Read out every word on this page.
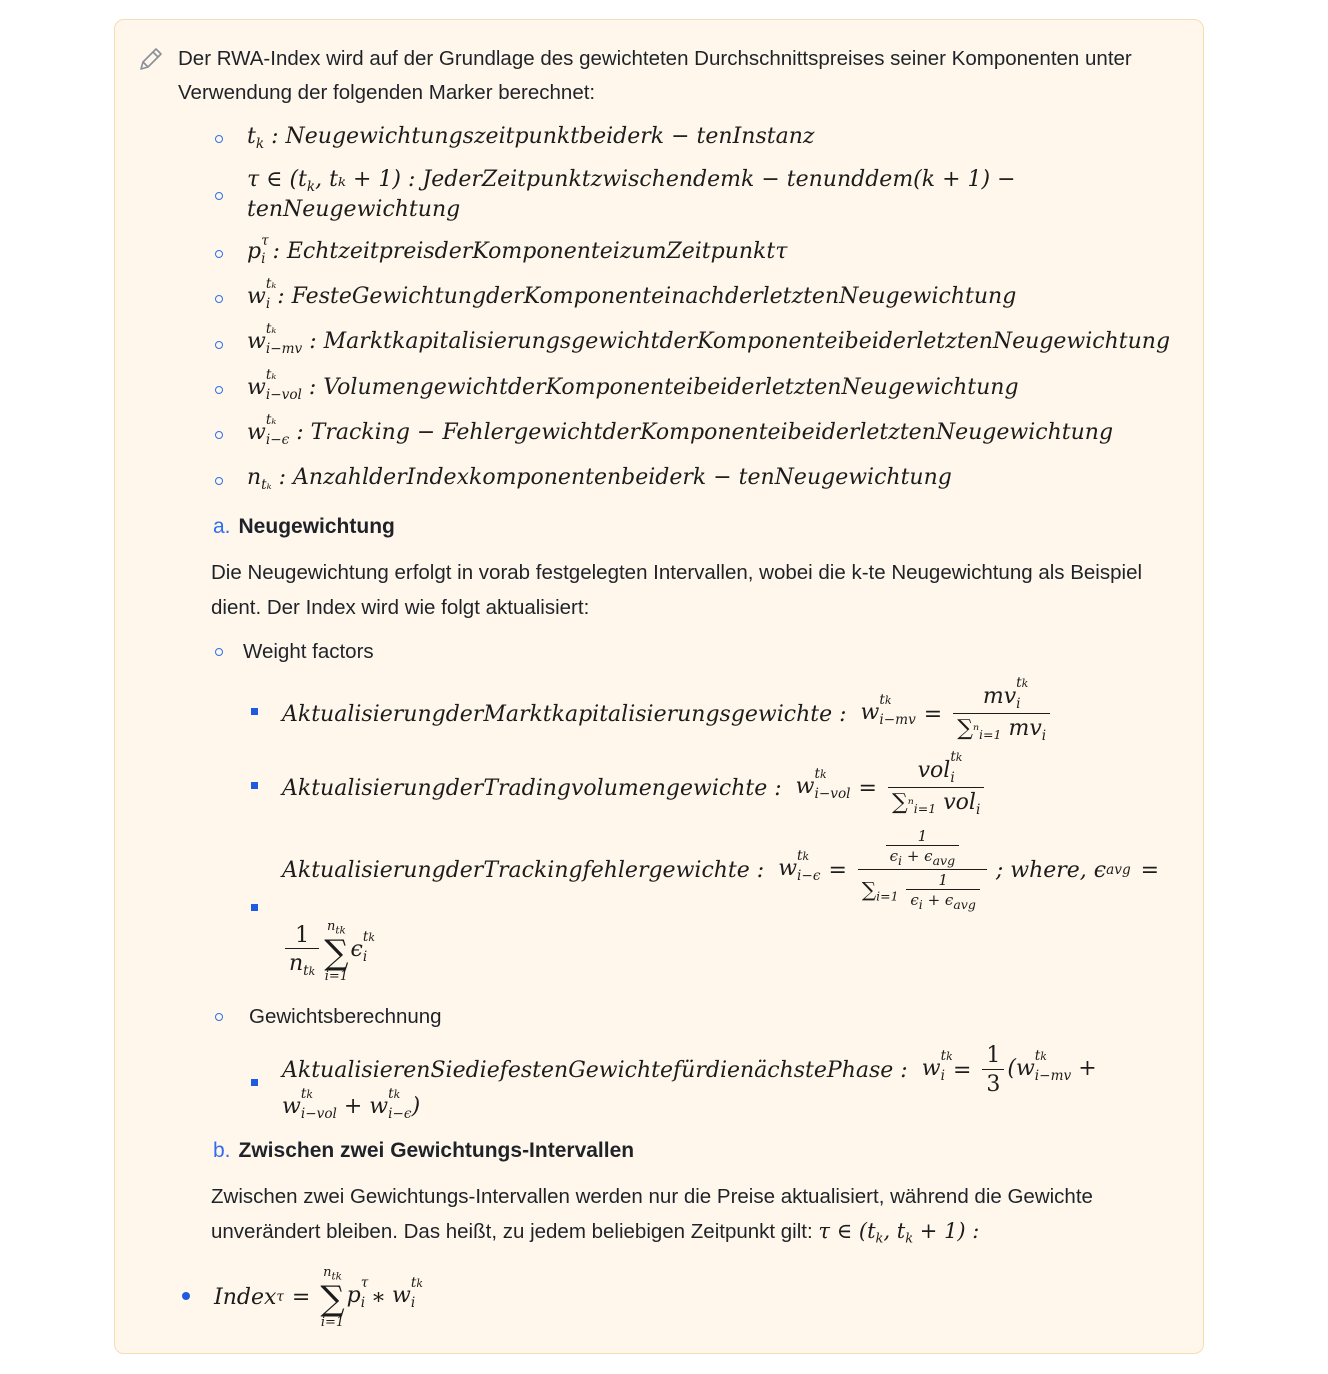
Der RWA-Index wird auf der Grundlage des gewichteten Durchschnittspreises seiner Komponenten unter Verwendung der folgenden Marker berechnet:

$t_k$ : Neugewichtungszeitpunktbeiderk − tenInstanz
τ ∈ ($t_k$, tₖ + 1) : JederZeitpunktzwischendemk − tenunddem(k + 1) −
tenNeugewichtung
p τ
$_i$ : EchtzeitpreisderKomponenteizumZeitpunktτ
w tₖ
$_i$ : FesteGewichtungderKomponenteinachderletztenNeugewichtung
w tₖ
$_{i-mv}$ : MarktkapitalisierungsgewichtderKomponenteibeiderletztenNeugewichtung
w tₖ
$_{i-vol}$ : VolumengewichtderKomponenteibeiderletztenNeugewichtung
w tₖ
$_{i-\epsilon}$ : Tracking − FehlergewichtderKomponenteibeiderletztenNeugewichtung
$n_{t_k}$ : AnzahlderIndexkomponentenbeiderk − tenNeugewichtung
a. Neugewichtung

Die Neugewichtung erfolgt in vorab festgelegten Intervallen, wobei die k-te Neugewichtung als Beispiel dient. Der Index wird wie folgt aktualisiert:

Weight factors
AktualisierungderMarktkapitalisierungsgewichte : w tk
$_{i-mv}$ = mv
tk
$_i$
∑ⁿ$_{i=1}$ $mv_i$
AktualisierungderTradingvolumengewichte : w tk
$_{i-vol}$ = vol
tk
$_i$
∑ⁿ$_{i=1}$ vol$_i$
AktualisierungderTrackingfehlergewichte : w tk
$_{i-\epsilon} = \frac{\frac{1}{\epsilon_i + \epsilon_{avg}}}{\sum_{i=1} \frac{1}{\epsilon_i + \epsilon_{avg}}}$ ; where, ϵ avg =
$\frac{1}{n_{tk}} n_{tk}$
∑
i=1
ϵ tk
$_i$
Gewichtsberechnung
AktualisierenSiediefestenGewichtefürdienächstePhase : w tk
$_i = \frac{1}{3} (w$ tk
$_{i-mv}$ +
w tk
$_{i-vol}$ + w tk
$_{i-\epsilon}$)
b. Zwischen zwei Gewichtungs-Intervallen

Zwischen zwei Gewichtungs-Intervallen werden nur die Preise aktualisiert, während die Gewichte unverändert bleiben. Das heißt, zu jedem beliebigen Zeitpunkt gilt: τ ∈ ($t_k$, $t_k + 1$) :

Index τ =
$n_{tk}$
∑
i=1
p τ
$_i$ ∗ w tk
$_i$
